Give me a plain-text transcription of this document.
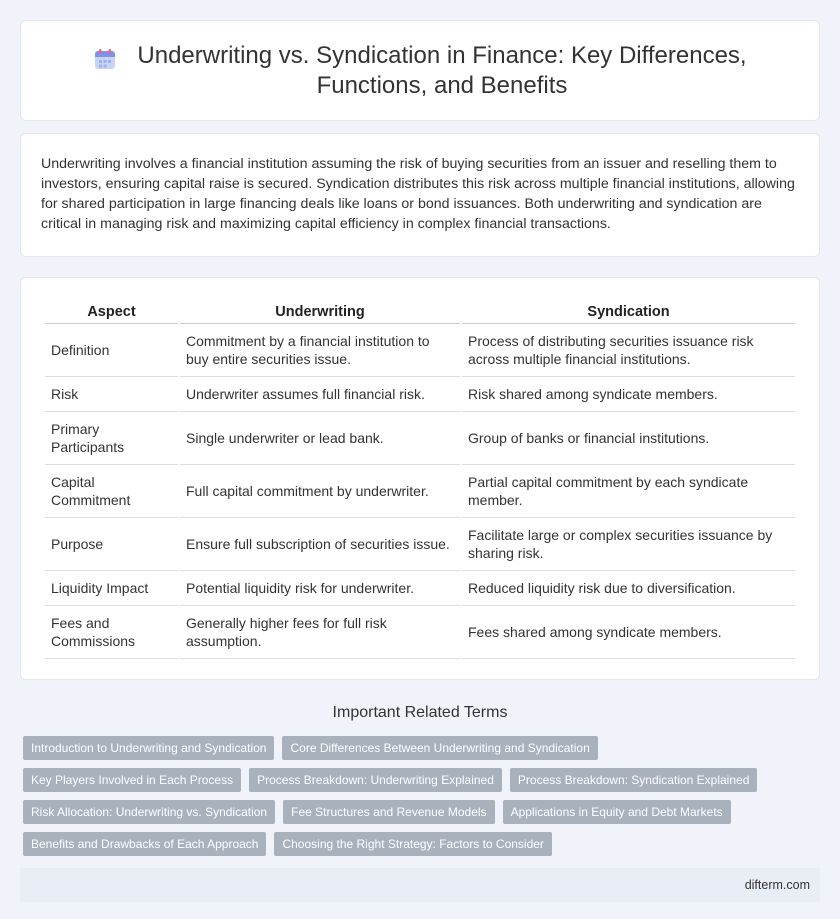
Underwriting vs. Syndication in Finance: Key Differences,
Functions, and Benefits
Underwriting involves a financial institution assuming the risk of buying securities from an issuer and reselling them to investors, ensuring capital raise is secured. Syndication distributes this risk across multiple financial institutions, allowing for shared participation in large financing deals like loans or bond issuances. Both underwriting and syndication are critical in managing risk and maximizing capital efficiency in complex financial transactions.
Aspect	Underwriting	Syndication
Definition	Commitment by a financial institution to buy entire securities issue.	Process of distributing securities issuance risk across multiple financial institutions.
Risk	Underwriter assumes full financial risk.	Risk shared among syndicate members.
Primary Participants	Single underwriter or lead bank.	Group of banks or financial institutions.
Capital Commitment	Full capital commitment by underwriter.	Partial capital commitment by each syndicate member.
Purpose	Ensure full subscription of securities issue.	Facilitate large or complex securities issuance by sharing risk.
Liquidity Impact	Potential liquidity risk for underwriter.	Reduced liquidity risk due to diversification.
Fees and Commissions	Generally higher fees for full risk assumption.	Fees shared among syndicate members.
Important Related Terms
Introduction to Underwriting and Syndication	Core Differences Between Underwriting and Syndication
Key Players Involved in Each Process	Process Breakdown: Underwriting Explained	Process Breakdown: Syndication Explained
Risk Allocation: Underwriting vs. Syndication	Fee Structures and Revenue Models	Applications in Equity and Debt Markets
Benefits and Drawbacks of Each Approach	Choosing the Right Strategy: Factors to Consider
difterm.com
